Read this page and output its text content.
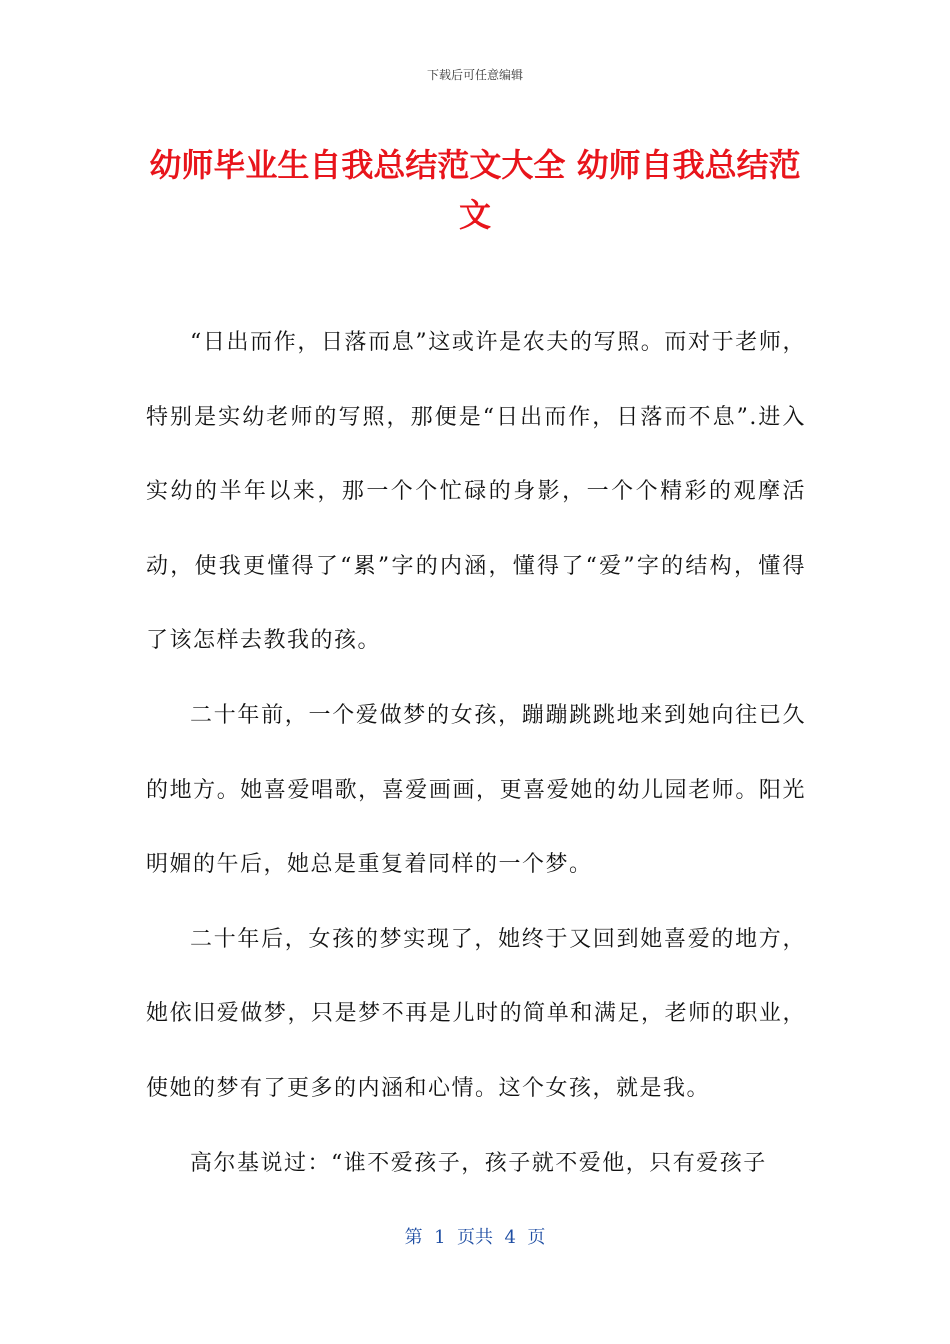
下载后可任意编辑
幼师毕业生自我总结范文大全 幼师自我总结范文

“日出而作，日落而息”这或许是农夫的写照。而对于老师，特别是实幼老师的写照，那便是“日出而作，日落而不息”.进入实幼的半年以来，那一个个忙碌的身影，一个个精彩的观摩活动，使我更懂得了“累”字的内涵，懂得了“爱”字的结构，懂得了该怎样去教我的孩。

二十年前，一个爱做梦的女孩，蹦蹦跳跳地来到她向往已久的地方。她喜爱唱歌，喜爱画画，更喜爱她的幼儿园老师。阳光明媚的午后，她总是重复着同样的一个梦。

二十年后，女孩的梦实现了，她终于又回到她喜爱的地方，她依旧爱做梦，只是梦不再是儿时的简单和满足，老师的职业，使她的梦有了更多的内涵和心情。这个女孩，就是我。

高尔基说过：“谁不爱孩子，孩子就不爱他，只有爱孩子

第  1  页共  4  页
